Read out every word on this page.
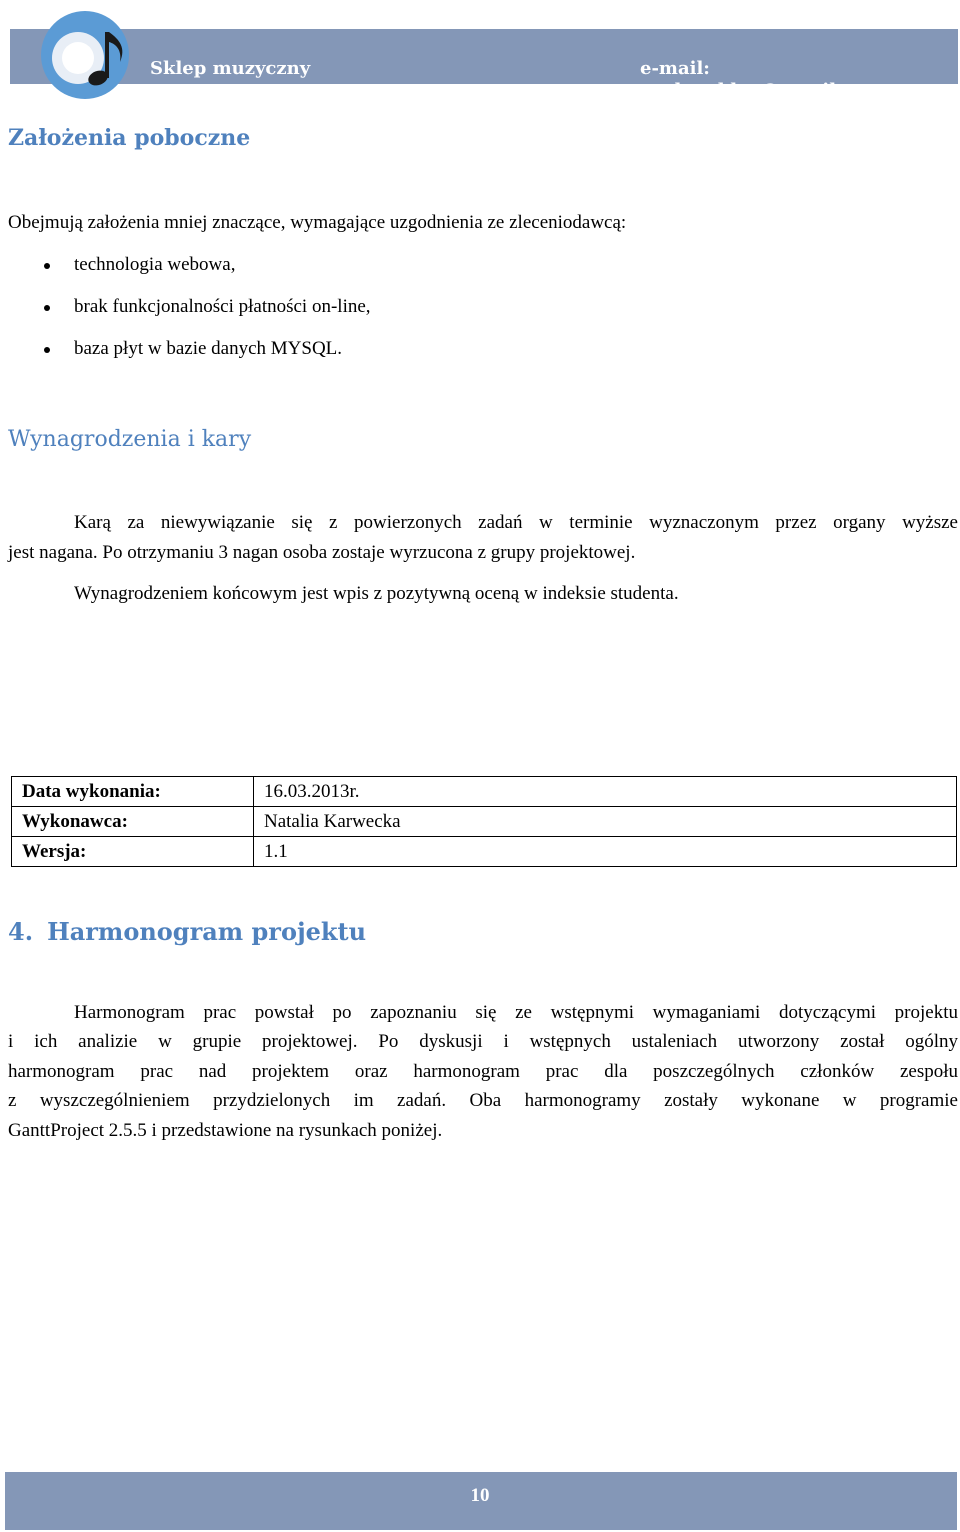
Sklep muzyczny
“Nutka”
e-mail: nutka_sklep@gmail.com
Założenia poboczne
Obejmują założenia mniej znaczące, wymagające uzgodnienia ze zleceniodawcą:
technologia webowa,
brak funkcjonalności płatności on-line,
baza płyt w bazie danych MYSQL.
Wynagrodzenia i kary
Karą za niewywiązanie się z powierzonych zadań w terminie wyznaczonym przez organy wyższe
jest nagana. Po otrzymaniu 3 nagan osoba zostaje wyrzucona z grupy projektowej.
Wynagrodzeniem końcowym jest wpis z pozytywną oceną w indeksie studenta.
Data wykonania:	16.03.2013r.
Wykonawca:	Natalia Karwecka
Wersja:	1.1
4. Harmonogram projektu
Harmonogram prac powstał po zapoznaniu się ze wstępnymi wymaganiami dotyczącymi projektu
i ich analizie w grupie projektowej. Po dyskusji i wstępnych ustaleniach utworzony został ogólny
harmonogram prac nad projektem oraz harmonogram prac dla poszczególnych członków zespołu
z wyszczególnieniem przydzielonych im zadań. Oba harmonogramy zostały wykonane w programie
GanttProject 2.5.5 i przedstawione na rysunkach poniżej.
10
